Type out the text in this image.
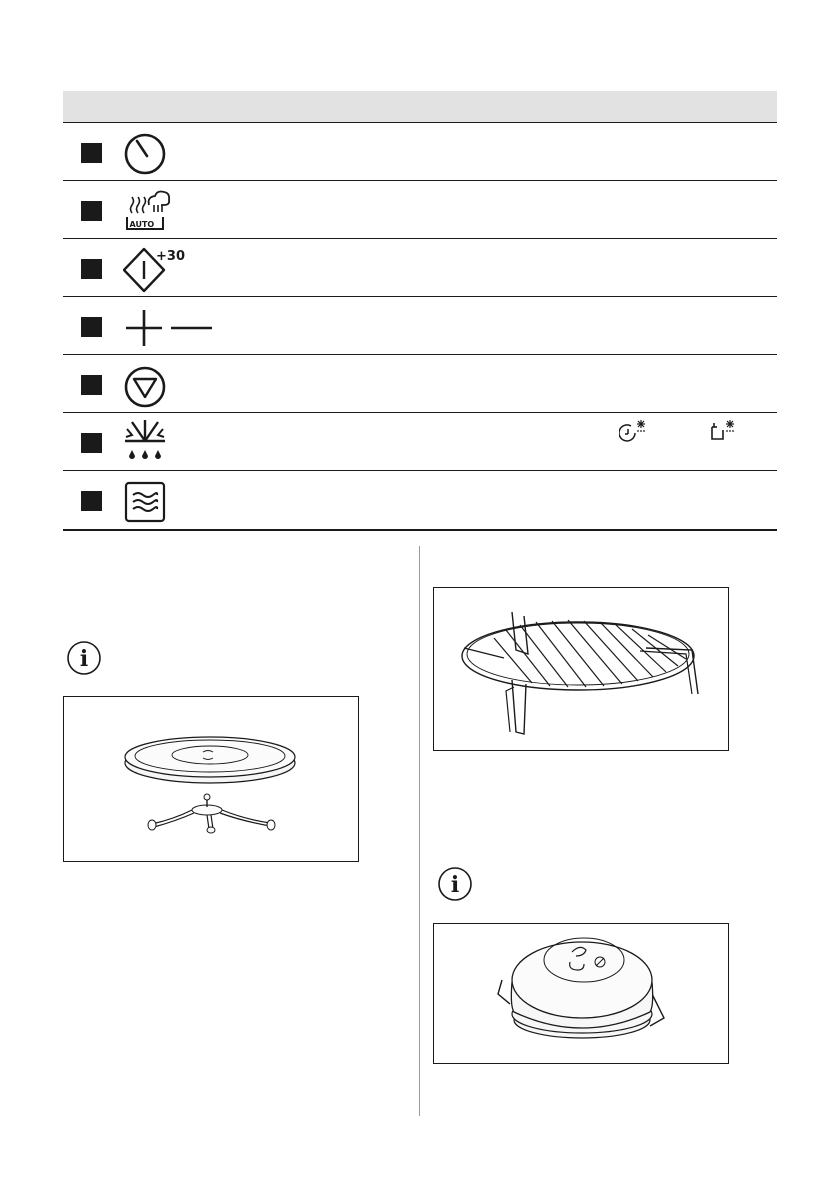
AUTO
+30
i
i
